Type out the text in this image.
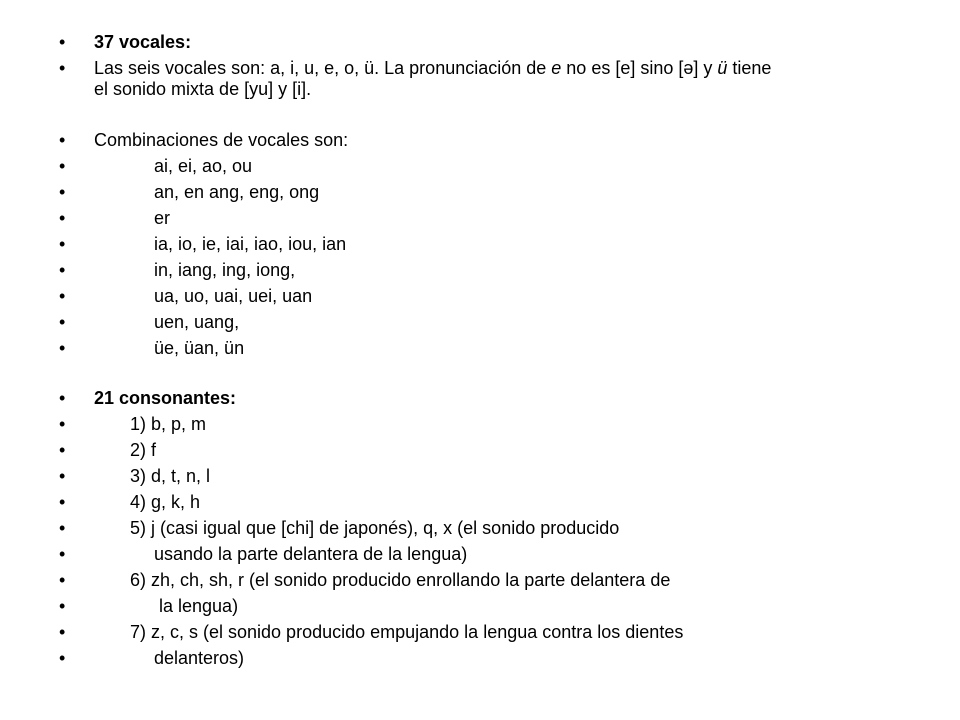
• 37 vocales:
• Las seis vocales son: a, i, u, e, o, ü. La pronunciación de e no es [e] sino [ə] y ü tiene
el sonido mixta de [yu] y [i].
• Combinaciones de vocales son:
•	ai, ei, ao, ou
•	an, en ang, eng, ong
•	er
•	ia, io, ie, iai, iao, iou, ian
•	in, iang, ing, iong,
•	ua, uo, uai, uei, uan
•	uen, uang,
•	üe, üan, ün
• 21 consonantes:
•	1) b, p, m
•	2) f
•	3) d, t, n, l
•	4) g, k, h
•	5) j (casi igual que [chi] de japonés), q, x (el sonido producido
•	usando la parte delantera de la lengua)
•	6) zh, ch, sh, r (el sonido producido enrollando la parte delantera de
•	la lengua)
•	7) z, c, s (el sonido producido empujando la lengua contra los dientes
•	delanteros)
